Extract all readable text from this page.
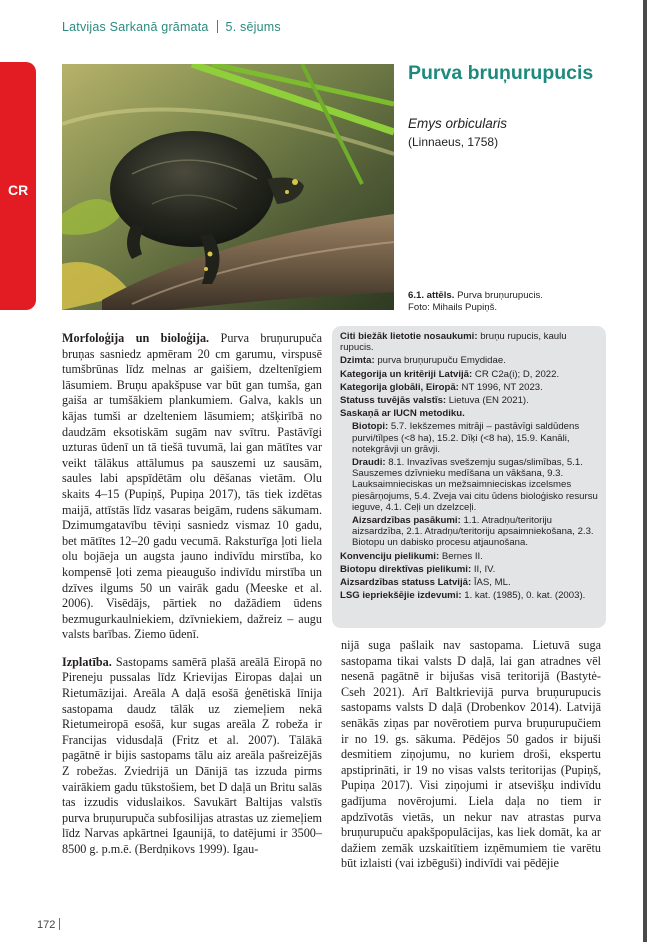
Latvijas Sarkanā grāmata 5. sējums
CR
Purva bruņurupucis
Emys orbicularis
(Linnaeus, 1758)
6.1. attēls. Purva bruņurupucis.
Foto: Mihails Pupiņš.

Morfoloģija un bioloģija. Purva bruņurupuča bruņas sasniedz apmēram 20 cm garumu, virspusē tumšbrūnas līdz melnas ar gaišiem, dzeltenīgiem lāsumiem. Bruņu apakšpuse var būt gan tumša, gan gaiša ar tumšākiem plankumiem. Galva, kakls un kājas tumši ar dzelteniem lāsumiem; atšķirībā no daudzām eksotiskām sugām nav svītru. Pastāvīgi uzturas ūdenī un tā tiešā tuvumā, lai gan mātītes var veikt tālākus attālumus pa sauszemi uz sausām, saules labi apspīdētām olu dēšanas vietām. Olu skaits 4–15 (Pupiņš, Pupiņa 2017), tās tiek izdētas maijā, attīstās līdz vasaras beigām, rudens sākumam. Dzimumgatavību tēviņi sasniedz vismaz 10 gadu, bet mātītes 12–20 gadu vecumā. Raksturīga ļoti liela olu bojāeja un augsta jauno indivīdu mirstība, ko kompensē ļoti zema pieaugušo indivīdu mirstība un dzīves ilgums 50 un vairāk gadu (Meeske et al. 2006). Visēdājs, pārtiek no dažādiem ūdens bezmugurkaulniekiem, dzīvniekiem, dažreiz – augu valsts barības. Ziemo ūdenī.

Izplatība. Sastopams samērā plašā areālā Eiropā no Pireneju pussalas līdz Krievijas Eiropas daļai un Rietumāzijai. Areāla A daļā esošā ģenētiskā līnija sastopama daudz tālāk uz ziemeļiem nekā Rietumeiropā esošā, kur sugas areāla Z robeža ir Francijas vidusdaļā (Fritz et al. 2007). Tālākā pagātnē ir bijis sastopams tālu aiz areāla pašreizējās Z robežas. Zviedrijā un Dānijā tas izzuda pirms vairākiem gadu tūkstošiem, bet D daļā un Britu salās tas izzudis viduslaikos. Savukārt Baltijas valstīs purva bruņurupuča subfosilijas atrastas uz ziemeļiem līdz Narvas apkārtnei Igaunijā, to datējumi ir 3500–8500 g. p.m.ē. (Berdņikovs 1999). Igau-

Citi biežāk lietotie nosaukumi: bruņu rupucis, kaulu rupucis.
Dzimta: purva bruņurupuču Emydidae.
Kategorija un kritēriji Latvijā: CR C2a(i); D, 2022.
Kategorija globāli, Eiropā: NT 1996, NT 2023.
Statuss tuvējās valstīs: Lietuva (EN 2021).
Saskaņā ar IUCN metodiku.
Biotopi: 5.7. Iekšzemes mitrāji – pastāvīgi saldūdens purvi/tīlpes (<8 ha), 15.2. Dīķi (<8 ha), 15.9. Kanāli, notekgrāvji un grāvji.
Draudi: 8.1. Invazīvas svešzemju sugas/slimības, 5.1. Sauszemes dzīvnieku medīšana un vākšana, 9.3. Lauksaimnieciskas un mežsaimnieciskas izcelsmes piesārņojums, 5.4. Zveja vai citu ūdens bioloģisko resursu ieguve, 4.1. Ceļi un dzelzceļi.
Aizsardzības pasākumi: 1.1. Atradņu/teritoriju aizsardzība, 2.1. Atradņu/teritoriju apsaimniekošana, 2.3. Biotopu un dabisko procesu atjaunošana.
Konvenciju pielikumi: Bernes II.
Biotopu direktīvas pielikumi: II, IV.
Aizsardzības statuss Latvijā: ĪAS, ML.
LSG iepriekšējie izdevumi: 1. kat. (1985), 0. kat. (2003).

nijā suga pašlaik nav sastopama. Lietuvā suga sastopama tikai valsts D daļā, lai gan atradnes vēl nesenā pagātnē ir bijušas visā teritorijā (Bastytė-Cseh 2021). Arī Baltkrievijā purva bruņurupucis sastopams valsts D daļā (Drobenkov 2014). Latvijā senākās ziņas par novērotiem purva bruņurupučiem ir no 19. gs. sākuma. Pēdējos 50 gados ir bijuši desmitiem ziņojumu, no kuriem droši, ekspertu apstiprināti, ir 19 no visas valsts teritorijas (Pupiņš, Pupiņa 2017). Visi ziņojumi ir atsevišķu indivīdu gadījuma novērojumi. Liela daļa no tiem ir apdzīvotās vietās, un nekur nav atrastas purva bruņurupuču apakšpopulācijas, kas liek domāt, ka ar dažiem zemāk uzskaitītiem izņēmumiem tie varētu būt izlaisti (vai izbēguši) indivīdi vai pēdējie

172
